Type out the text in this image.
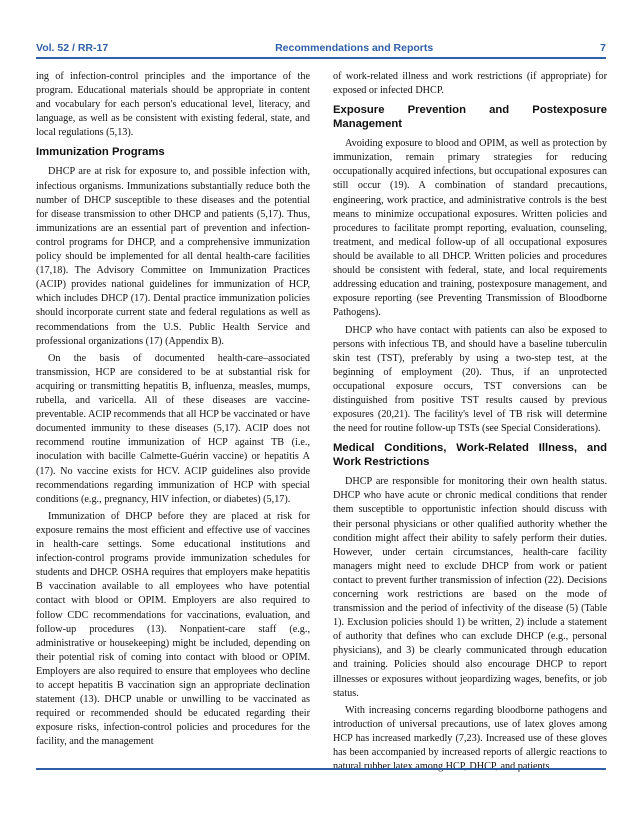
Vol. 52 / RR-17	Recommendations and Reports	7

ing of infection-control principles and the importance of the program. Educational materials should be appropriate in content and vocabulary for each person's educational level, literacy, and language, as well as be consistent with existing federal, state, and local regulations (5,13).

Immunization Programs

DHCP are at risk for exposure to, and possible infection with, infectious organisms. Immunizations substantially reduce both the number of DHCP susceptible to these diseases and the potential for disease transmission to other DHCP and patients (5,17). Thus, immunizations are an essential part of prevention and infection-control programs for DHCP, and a comprehensive immunization policy should be implemented for all dental health-care facilities (17,18). The Advisory Committee on Immunization Practices (ACIP) provides national guidelines for immunization of HCP, which includes DHCP (17). Dental practice immunization policies should incorporate current state and federal regulations as well as recommendations from the U.S. Public Health Service and professional organizations (17) (Appendix B).

On the basis of documented health-care–associated transmission, HCP are considered to be at substantial risk for acquiring or transmitting hepatitis B, influenza, measles, mumps, rubella, and varicella. All of these diseases are vaccine-preventable. ACIP recommends that all HCP be vaccinated or have documented immunity to these diseases (5,17). ACIP does not recommend routine immunization of HCP against TB (i.e., inoculation with bacille Calmette-Guérin vaccine) or hepatitis A (17). No vaccine exists for HCV. ACIP guidelines also provide recommendations regarding immunization of HCP with special conditions (e.g., pregnancy, HIV infection, or diabetes) (5,17).

Immunization of DHCP before they are placed at risk for exposure remains the most efficient and effective use of vaccines in health-care settings. Some educational institutions and infection-control programs provide immunization schedules for students and DHCP. OSHA requires that employers make hepatitis B vaccination available to all employees who have potential contact with blood or OPIM. Employers are also required to follow CDC recommendations for vaccinations, evaluation, and follow-up procedures (13). Nonpatient-care staff (e.g., administrative or housekeeping) might be included, depending on their potential risk of coming into contact with blood or OPIM. Employers are also required to ensure that employees who decline to accept hepatitis B vaccination sign an appropriate declination statement (13). DHCP unable or unwilling to be vaccinated as required or recommended should be educated regarding their exposure risks, infection-control policies and procedures for the facility, and the management

of work-related illness and work restrictions (if appropriate) for exposed or infected DHCP.

Exposure Prevention and Postexposure Management

Avoiding exposure to blood and OPIM, as well as protection by immunization, remain primary strategies for reducing occupationally acquired infections, but occupational exposures can still occur (19). A combination of standard precautions, engineering, work practice, and administrative controls is the best means to minimize occupational exposures. Written policies and procedures to facilitate prompt reporting, evaluation, counseling, treatment, and medical follow-up of all occupational exposures should be available to all DHCP. Written policies and procedures should be consistent with federal, state, and local requirements addressing education and training, postexposure management, and exposure reporting (see Preventing Transmission of Bloodborne Pathogens).

DHCP who have contact with patients can also be exposed to persons with infectious TB, and should have a baseline tuberculin skin test (TST), preferably by using a two-step test, at the beginning of employment (20). Thus, if an unprotected occupational exposure occurs, TST conversions can be distinguished from positive TST results caused by previous exposures (20,21). The facility's level of TB risk will determine the need for routine follow-up TSTs (see Special Considerations).

Medical Conditions, Work-Related Illness, and Work Restrictions

DHCP are responsible for monitoring their own health status. DHCP who have acute or chronic medical conditions that render them susceptible to opportunistic infection should discuss with their personal physicians or other qualified authority whether the condition might affect their ability to safely perform their duties. However, under certain circumstances, health-care facility managers might need to exclude DHCP from work or patient contact to prevent further transmission of infection (22). Decisions concerning work restrictions are based on the mode of transmission and the period of infectivity of the disease (5) (Table 1). Exclusion policies should 1) be written, 2) include a statement of authority that defines who can exclude DHCP (e.g., personal physicians), and 3) be clearly communicated through education and training. Policies should also encourage DHCP to report illnesses or exposures without jeopardizing wages, benefits, or job status.

With increasing concerns regarding bloodborne pathogens and introduction of universal precautions, use of latex gloves among HCP has increased markedly (7,23). Increased use of these gloves has been accompanied by increased reports of allergic reactions to natural rubber latex among HCP, DHCP, and patients
